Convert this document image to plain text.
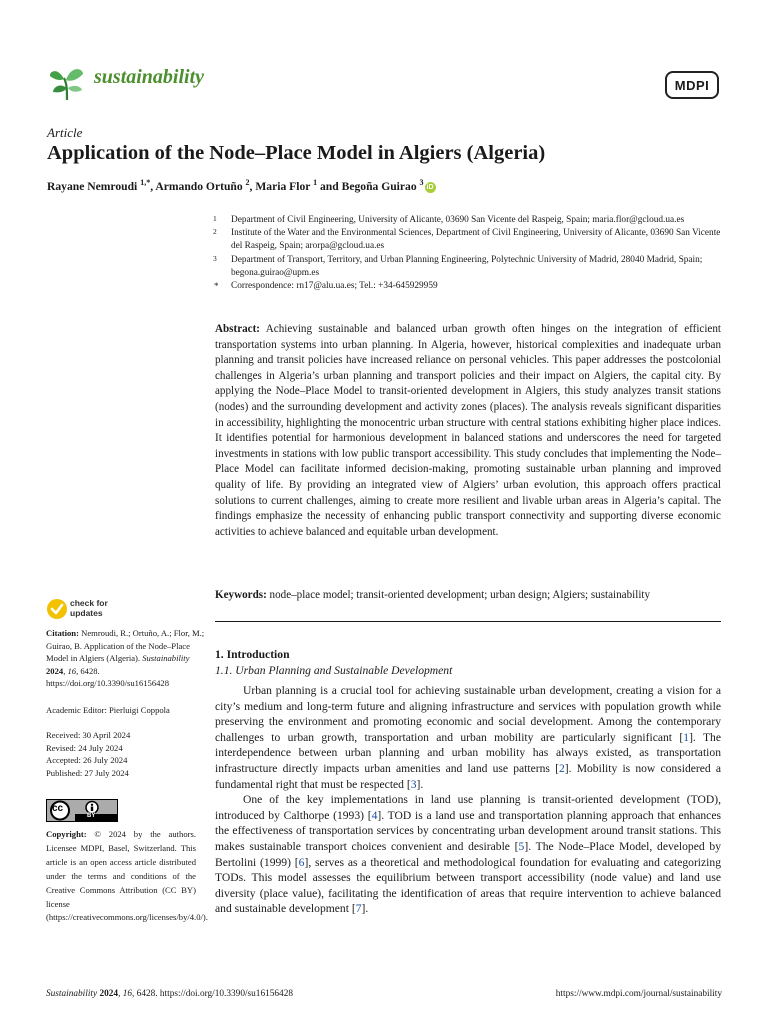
sustainability	MDPI
Article
Application of the Node–Place Model in Algiers (Algeria)
Rayane Nemroudi $^{1,*}$, Armando Ortuño $^2$, Maria Flor $^1$ and Begoña Guirao $^3$iD
1 Department of Civil Engineering, University of Alicante, 03690 San Vicente del Raspeig, Spain; maria.flor@gcloud.ua.es
2 Institute of the Water and the Environmental Sciences, Department of Civil Engineering, University of Alicante, 03690 San Vicente del Raspeig, Spain; arorpa@gcloud.ua.es
3 Department of Transport, Territory, and Urban Planning Engineering, Polytechnic University of Madrid, 28040 Madrid, Spain; begona.guirao@upm.es
* Correspondence: rn17@alu.ua.es; Tel.: +34-645929959
Abstract: Achieving sustainable and balanced urban growth often hinges on the integration of efficient transportation systems into urban planning. In Algeria, however, historical complexities and inadequate urban planning and transit policies have increased reliance on personal vehicles. This paper addresses the postcolonial challenges in Algeria’s urban planning and transport policies and their impact on Algiers, the capital city. By applying the Node–Place Model to transit-oriented development in Algiers, this study analyzes transit stations (nodes) and the surrounding development and activity zones (places). The analysis reveals significant disparities in accessibility, highlighting the monocentric urban structure with central stations exhibiting higher place indices. It identifies potential for harmonious development in balanced stations and underscores the need for targeted investments in stations with low public transport accessibility. This study concludes that implementing the Node–Place Model can facilitate informed decision-making, promoting sustainable urban planning and improved quality of life. By providing an integrated view of Algiers’ urban evolution, this approach offers practical solutions to current challenges, aiming to create more resilient and livable urban areas in Algeria’s capital. The findings emphasize the necessity of enhancing public transport connectivity and supporting diverse economic activities to achieve balanced and equitable urban development.
Keywords: node–place model; transit-oriented development; urban design; Algiers; sustainability
check for
updates
Citation: Nemroudi, R.; Ortuño, A.; Flor, M.; Guirao, B. Application of the Node–Place Model in Algiers (Algeria). Sustainability 2024, 16, 6428. https://doi.org/10.3390/su16156428
Academic Editor: Pierluigi Coppola
Received: 30 April 2024
Revised: 24 July 2024
Accepted: 26 July 2024
Published: 27 July 2024
cc
BY
Copyright: © 2024 by the authors. Licensee MDPI, Basel, Switzerland. This article is an open access article distributed under the terms and conditions of the Creative Commons Attribution (CC BY) license (https://creativecommons.org/licenses/by/4.0/).
1. Introduction
1.1. Urban Planning and Sustainable Development

Urban planning is a crucial tool for achieving sustainable urban development, creating a vision for a city’s medium and long-term future and aligning infrastructure and services with population growth while preserving the environment and promoting economic and social development. Among the contemporary challenges to urban growth, transportation and urban mobility are particularly significant [1]. The interdependence between urban planning and urban mobility has always existed, as transportation infrastructure directly impacts urban amenities and land use patterns [2]. Mobility is now considered a fundamental right that must be respected [3].

One of the key implementations in land use planning is transit-oriented development (TOD), introduced by Calthorpe (1993) [4]. TOD is a land use and transportation planning approach that enhances the effectiveness of transportation services by concentrating urban development around transit stations. This makes sustainable transport choices convenient and desirable [5]. The Node–Place Model, developed by Bertolini (1999) [6], serves as a theoretical and methodological foundation for evaluating and categorizing TODs. This model assesses the equilibrium between transport accessibility (node value) and land use diversity (place value), facilitating the identification of areas that require intervention to achieve balanced and sustainable development [7].

Sustainability 2024, 16, 6428. https://doi.org/10.3390/su16156428	https://www.mdpi.com/journal/sustainability
